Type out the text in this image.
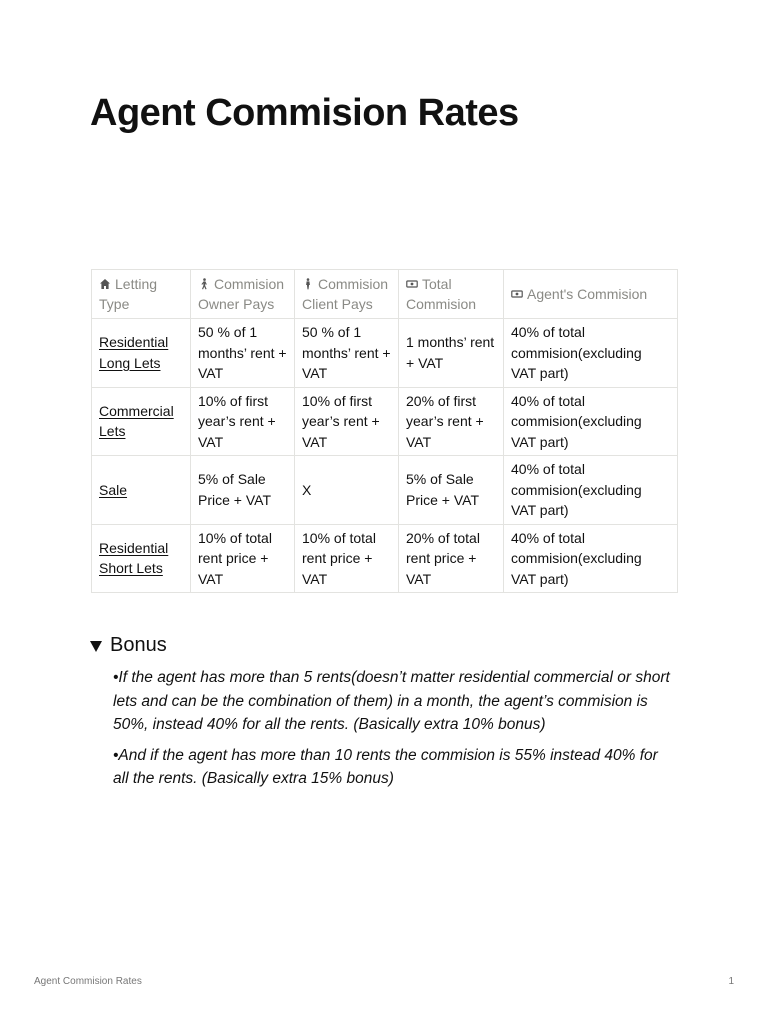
Agent Commision Rates
Letting Type	Commision Owner Pays	Commision Client Pays	Total Commision	Agent's Commision
Residential Long Lets	50 % of 1 months’ rent + VAT	50 % of 1 months’ rent + VAT	1 months’ rent + VAT	40% of total commision(excluding VAT part)
Commercial Lets	10% of first year’s rent + VAT	10% of first year’s rent + VAT	20% of first year’s rent + VAT	40% of total commision(excluding VAT part)
Sale	5% of Sale Price + VAT	X	5% of Sale Price + VAT	40% of total commision(excluding VAT part)
Residential Short Lets	10% of total rent price + VAT	10% of total rent price + VAT	20% of total rent price + VAT	40% of total commision(excluding VAT part)
Bonus

•If the agent has more than 5 rents(doesn’t matter residential commercial or short lets and can be the combination of them) in a month, the agent’s commision is 50%, instead 40% for all the rents. (Basically extra 10% bonus)

•And if the agent has more than 10 rents the commision is 55% instead 40% for all the rents. (Basically extra 15% bonus)

Agent Commision Rates	1
